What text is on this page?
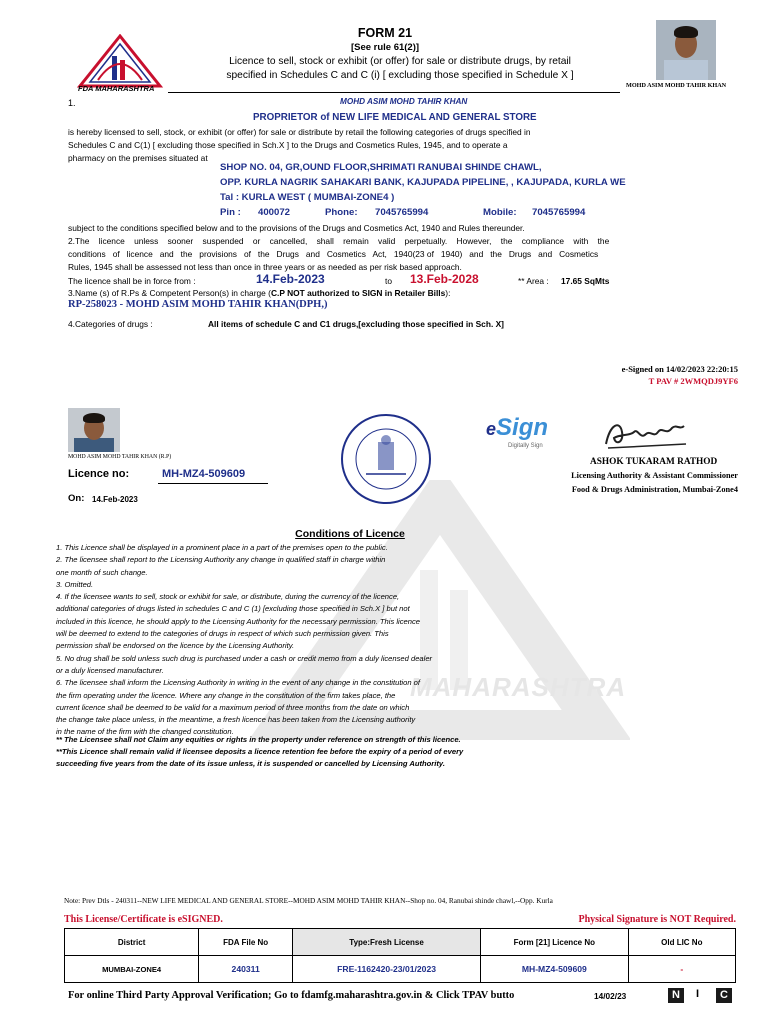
MAHARASHTRA
FDA MAHARASHTRA
FORM 21
[See rule 61(2)]
Licence to sell, stock or exhibit (or offer) for sale or distribute drugs, by retail
specified in Schedules C and C (i) [ excluding those specified in Schedule X ]
MOHD ASIM MOHD TAHIR KHAN
1.	MOHD ASIM MOHD TAHIR KHAN
PROPRIETOR of NEW LIFE MEDICAL AND GENERAL STORE
is hereby licensed to sell, stock, or exhibit (or offer) for sale or distribute by retail the following categories of drugs specified in
Schedules C and C(1) [ excluding those specified in Sch.X ] to the Drugs and Cosmetics Rules, 1945, and to operate a
pharmacy on the premises situated at
SHOP NO. 04, GR,OUND FLOOR,SHRIMATI RANUBAI SHINDE CHAWL,
OPP. KURLA NAGRIK SAHAKARI BANK, KAJUPADA PIPELINE, , KAJUPADA, KURLA WE
Tal : KURLA WEST ( MUMBAI-ZONE4 )
Pin : 400072	Phone: 7045765994	Mobile: 7045765994
subject to the conditions specified below and to the provisions of the Drugs and Cosmetics Act, 1940 and Rules thereunder.
2.The    licence    unless    sooner    suspended    or    cancelled,    shall    remain    valid    perpetually.    However,    the    compliance    with    the
conditions   of   licence   and   the   provisions   of   the   Drugs   and   Cosmetics   Act,   1940(23 of   1940)   and   the   Drugs   and   Cosmetics
Rules, 1945 shall be assessed not less than once in three years or as needed as per risk based approach.
The licence shall be in force from :	14.Feb-2023	to 13.Feb-2028	** Area : 17.65 SqMts
3.Name (s) of R.Ps & Competent Person(s) in charge (C.P NOT authorized to SIGN in Retailer Bills):
RP-258023 - MOHD ASIM MOHD TAHIR KHAN(DPH,)
4.Categories of drugs :	All items of schedule C and C1 drugs,[excluding those specified in Sch. X]
e-Signed on 14/02/2023 22:20:15
T PAV # 2WMQDJ9YF6
MOHD ASIM MOHD TAHIR KHAN (R.P)
eSign
Digitally Sign
ASHOK TUKARAM RATHOD
Licensing Authority & Assistant Commissioner
Food & Drugs Administration, Mumbai-Zone4
Licence no:	MH-MZ4-509609
On: 14.Feb-2023
Conditions of Licence
1. This Licence shall be displayed in a prominent place in a part of the premises open to the public.
2. The licensee shall report to the Licensing Authority any change in qualified staff in charge within
one month of such change.
3. Omitted.
4. If the licensee wants to sell, stock or exhibit for sale, or distribute, during the currency of the licence,
additional categories of drugs listed in schedules C and C (1) [excluding those specified in Sch.X ] but not
included in this licence, he should apply to the Licensing Authority for the necessary permission. This licence
will be deemed to extend to the categories of drugs in respect of which such permission given. This
permission shall be endorsed on the licence by the Licensing Authority.
5. No drug shall be sold unless such drug is purchased under a cash or credit memo from a duly licensed dealer
or a duly licensed manufacturer.
6. The licensee shall inform the Licensing Authority in writing in the event of any change in the constitution of
the firm operating under the licence. Where any change in the constitution of the firm takes place, the
current licence shall be deemed to be valid for a maximum period of three months from the date on which
the change take place unless, in the meantime, a fresh licence has been taken from the Licensing authority
in the name of the firm with the changed constitution.
** The Licensee shall not Claim any equities or rights in the property under reference on strength of this licence.
**This Licence shall remain valid if licensee deposits a licence retention fee before the expiry of a period of every
succeeding five years from the date of its issue unless, it is suspended or cancelled by Licensing Authority.
Note: Prev Dtls - 240311--NEW LIFE MEDICAL AND GENERAL STORE--MOHD ASIM MOHD TAHIR KHAN--Shop no. 04, Ranubai shinde chawl,--Opp. Kurla
This License/Certificate is eSIGNED.	Physical Signature is NOT Required.
District	FDA File No	Type:Fresh License	Form [21] Licence No	Old LIC No
MUMBAI-ZONE4	240311	FRE-1162420-23/01/2023	MH-MZ4-509609	-
For online Third Party Approval Verification; Go to fdamfg.maharashtra.gov.in & Click TPAV butto	14/02/23	N	I	C
